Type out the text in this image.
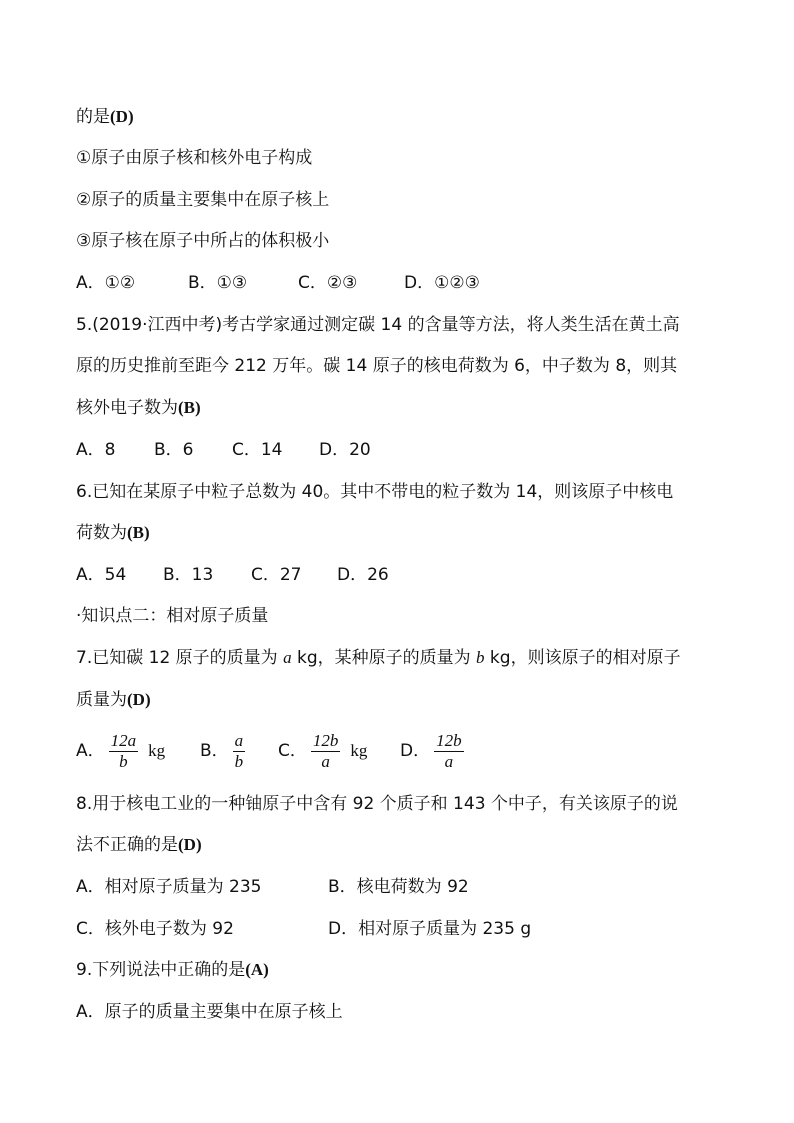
的是(D)
①原子由原子核和核外电子构成
②原子的质量主要集中在原子核上
③原子核在原子中所占的体积极小
A．①②	B．①③	C．②③	D．①②③
5.(2019·江西中考)考古学家通过测定碳 14 的含量等方法，将人类生活在黄土高
原的历史推前至距今 212 万年。碳 14 原子的核电荷数为 6，中子数为 8，则其
核外电子数为(B)
A．8 B．6 C．14 D．20
6.已知在某原子中粒子总数为 40。其中不带电的粒子数为 14，则该原子中核电
荷数为(B)
A．54 B．13 C．27 D．26
·知识点二：相对原子质量
7.已知碳 12 原子的质量为 a kg，某种原子的质量为 b kg，则该原子的相对原子
质量为(D)
A． $\frac{12a}{b}$ kg B． $\frac{a}{b}$ C． $\frac{12b}{a}$ kg D． $\frac{12b}{a}$
8.用于核电工业的一种铀原子中含有 92 个质子和 143 个中子，有关该原子的说
法不正确的是(D)
A．相对原子质量为 235	B．核电荷数为 92
C．核外电子数为 92	D．相对原子质量为 235 g
9.下列说法中正确的是(A)
A．原子的质量主要集中在原子核上
